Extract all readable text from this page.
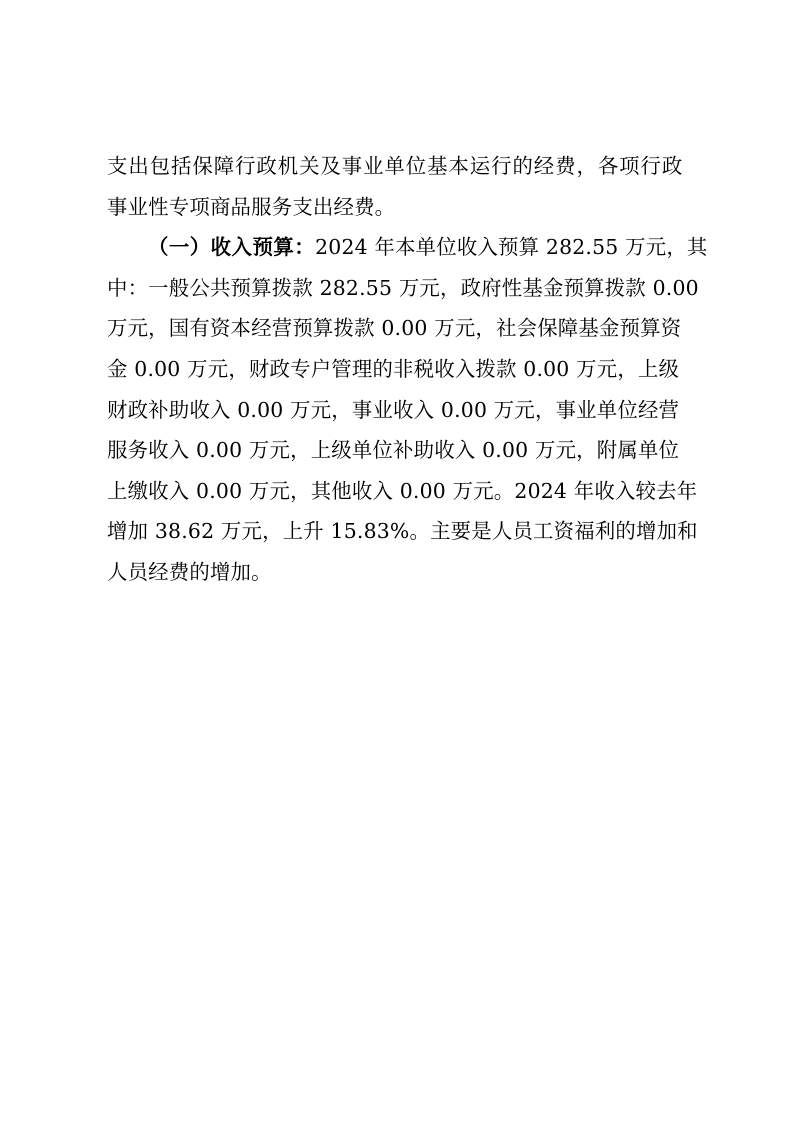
支出包括保障行政机关及事业单位基本运行的经费，各项行政
事业性专项商品服务支出经费。
（一）收入预算：2024 年本单位收入预算 282.55 万元，其
中：一般公共预算拨款 282.55 万元，政府性基金预算拨款 0.00
万元，国有资本经营预算拨款 0.00 万元，社会保障基金预算资
金 0.00 万元，财政专户管理的非税收入拨款 0.00 万元，上级
财政补助收入 0.00 万元，事业收入 0.00 万元，事业单位经营
服务收入 0.00 万元，上级单位补助收入 0.00 万元，附属单位
上缴收入 0.00 万元，其他收入 0.00 万元。2024 年收入较去年
增加 38.62 万元，上升 15.83%。主要是人员工资福利的增加和
人员经费的增加。
